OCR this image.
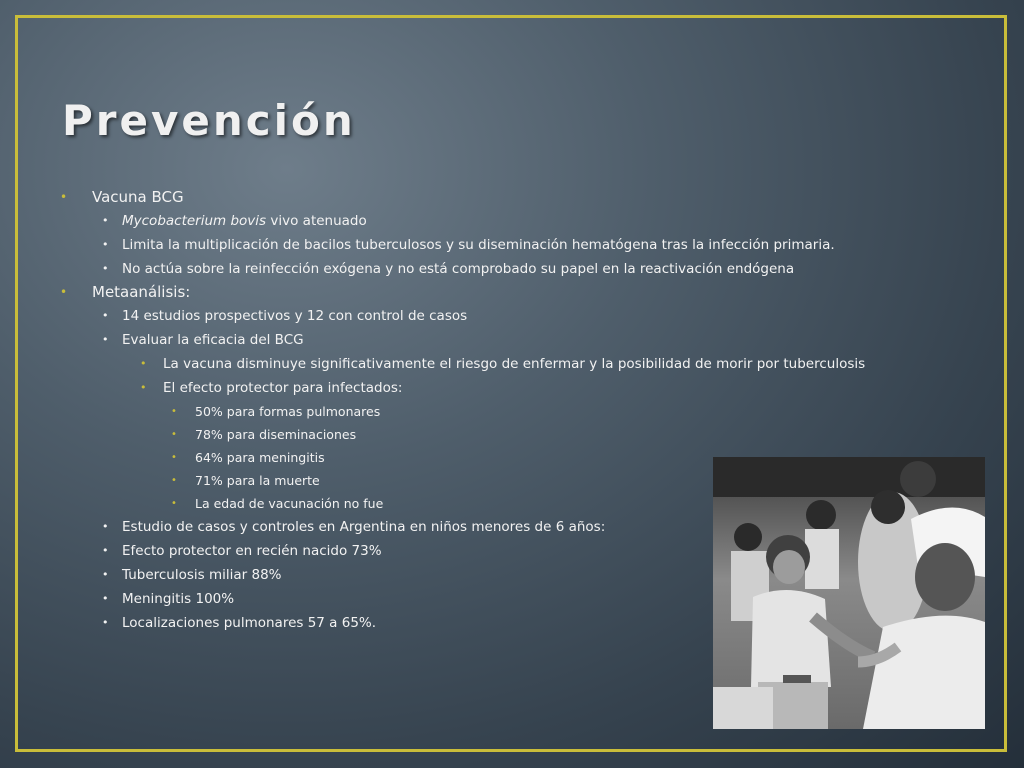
Prevención
• Vacuna BCG
• Mycobacterium bovis vivo atenuado
• Limita la multiplicación de bacilos tuberculosos y su diseminación hematógena tras la infección primaria.
• No actúa sobre la reinfección exógena y no está comprobado su papel en la reactivación endógena
• Metaanálisis:
• 14 estudios prospectivos y 12 con control de casos
• Evaluar la eficacia del BCG
• La vacuna disminuye significativamente el riesgo de enfermar y la posibilidad de morir por tuberculosis
• El efecto protector para infectados:
• 50% para formas pulmonares
• 78% para diseminaciones
• 64% para meningitis
• 71% para la muerte
• La edad de vacunación no fue
• Estudio de casos y controles en Argentina en niños menores de 6 años:
• Efecto protector en recién nacido 73%
• Tuberculosis miliar 88%
• Meningitis 100%
• Localizaciones pulmonares 57 a 65%.
